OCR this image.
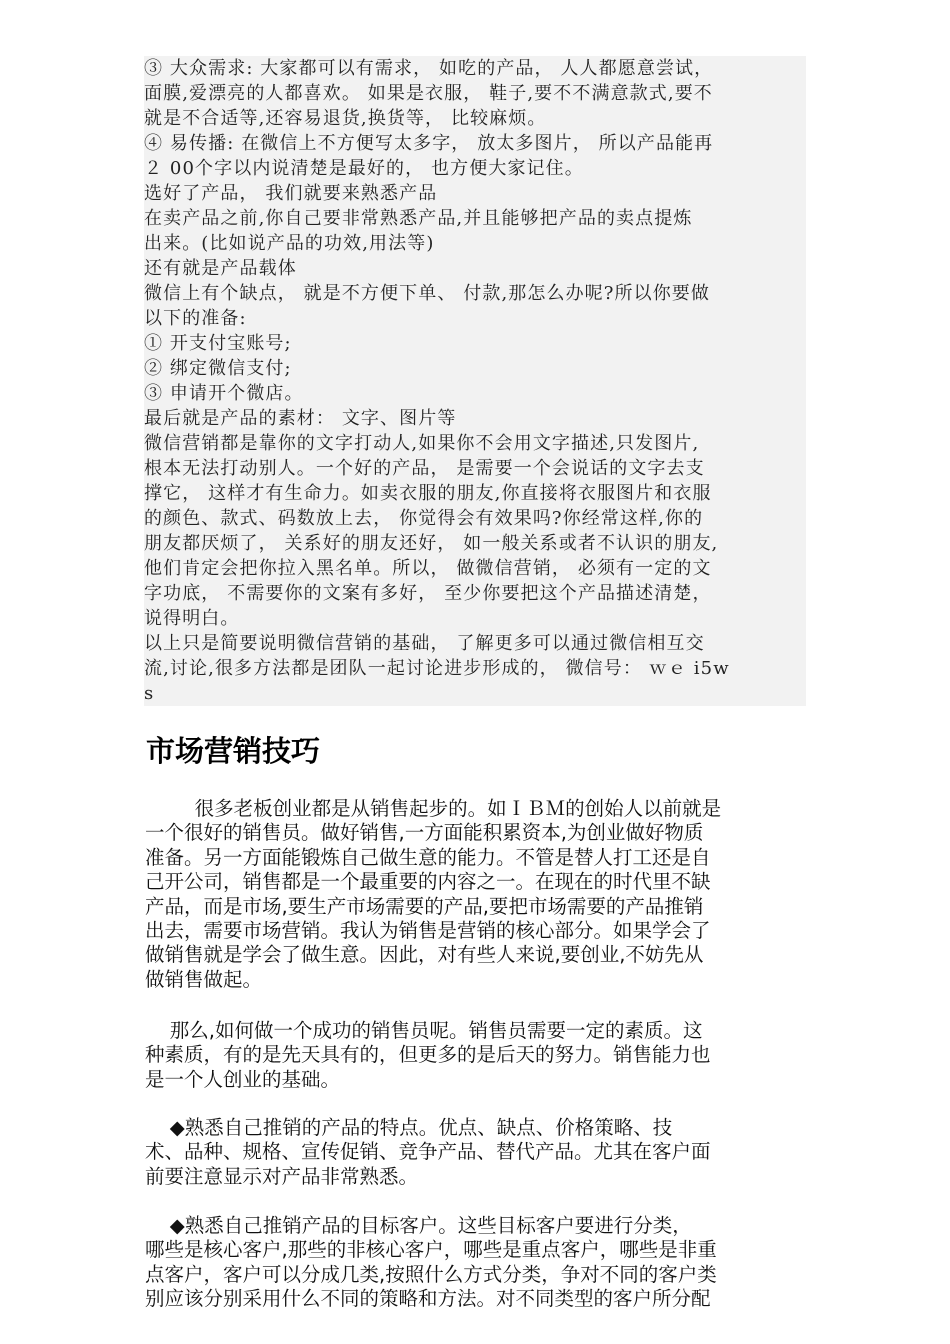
③ 大众需求: 大家都可以有需求， 如吃的产品， 人人都愿意尝试，
面膜,爱漂亮的人都喜欢。 如果是衣服， 鞋子,要不不满意款式,要不
就是不合适等,还容易退货,换货等， 比较麻烦。
④ 易传播: 在微信上不方便写太多字， 放太多图片， 所以产品能再
２ 00个字以内说清楚是最好的， 也方便大家记住。
选好了产品， 我们就要来熟悉产品
在卖产品之前,你自己要非常熟悉产品,并且能够把产品的卖点提炼
出来。(比如说产品的功效,用法等)
还有就是产品载体
微信上有个缺点， 就是不方便下单、 付款,那怎么办呢?所以你要做
以下的准备:
① 开支付宝账号;
② 绑定微信支付;
③ 申请开个微店。
最后就是产品的素材： 文字、图片等
微信营销都是靠你的文字打动人,如果你不会用文字描述,只发图片,
根本无法打动别人。一个好的产品， 是需要一个会说话的文字去支
撑它， 这样才有生命力。如卖衣服的朋友,你直接将衣服图片和衣服
的颜色、款式、码数放上去， 你觉得会有效果吗?你经常这样,你的
朋友都厌烦了， 关系好的朋友还好， 如一般关系或者不认识的朋友,
他们肯定会把你拉入黑名单。所以， 做微信营销， 必须有一定的文
字功底， 不需要你的文案有多好， 至少你要把这个产品描述清楚，
说得明白。
以上只是简要说明微信营销的基础， 了解更多可以通过微信相互交
流,讨论,很多方法都是团队一起讨论进步形成的， 微信号： ｗｅ i5w
s
市场营销技巧
很多老板创业都是从销售起步的。如ＩＢＭ的创始人以前就是
一个很好的销售员。做好销售,一方面能积累资本,为创业做好物质
准备。另一方面能锻炼自己做生意的能力。不管是替人打工还是自
己开公司，销售都是一个最重要的内容之一。在现在的时代里不缺
产品，而是市场,要生产市场需要的产品,要把市场需要的产品推销
出去，需要市场营销。我认为销售是营销的核心部分。如果学会了
做销售就是学会了做生意。因此，对有些人来说,要创业,不妨先从
做销售做起。
那么,如何做一个成功的销售员呢。销售员需要一定的素质。这
种素质，有的是先天具有的，但更多的是后天的努力。销售能力也
是一个人创业的基础。
◆熟悉自己推销的产品的特点。优点、缺点、价格策略、技
术、品种、规格、宣传促销、竞争产品、替代产品。尤其在客户面
前要注意显示对产品非常熟悉。
◆熟悉自己推销产品的目标客户。这些目标客户要进行分类，
哪些是核心客户,那些的非核心客户，哪些是重点客户，哪些是非重
点客户，客户可以分成几类,按照什么方式分类，争对不同的客户类
别应该分别采用什么不同的策略和方法。对不同类型的客户所分配
